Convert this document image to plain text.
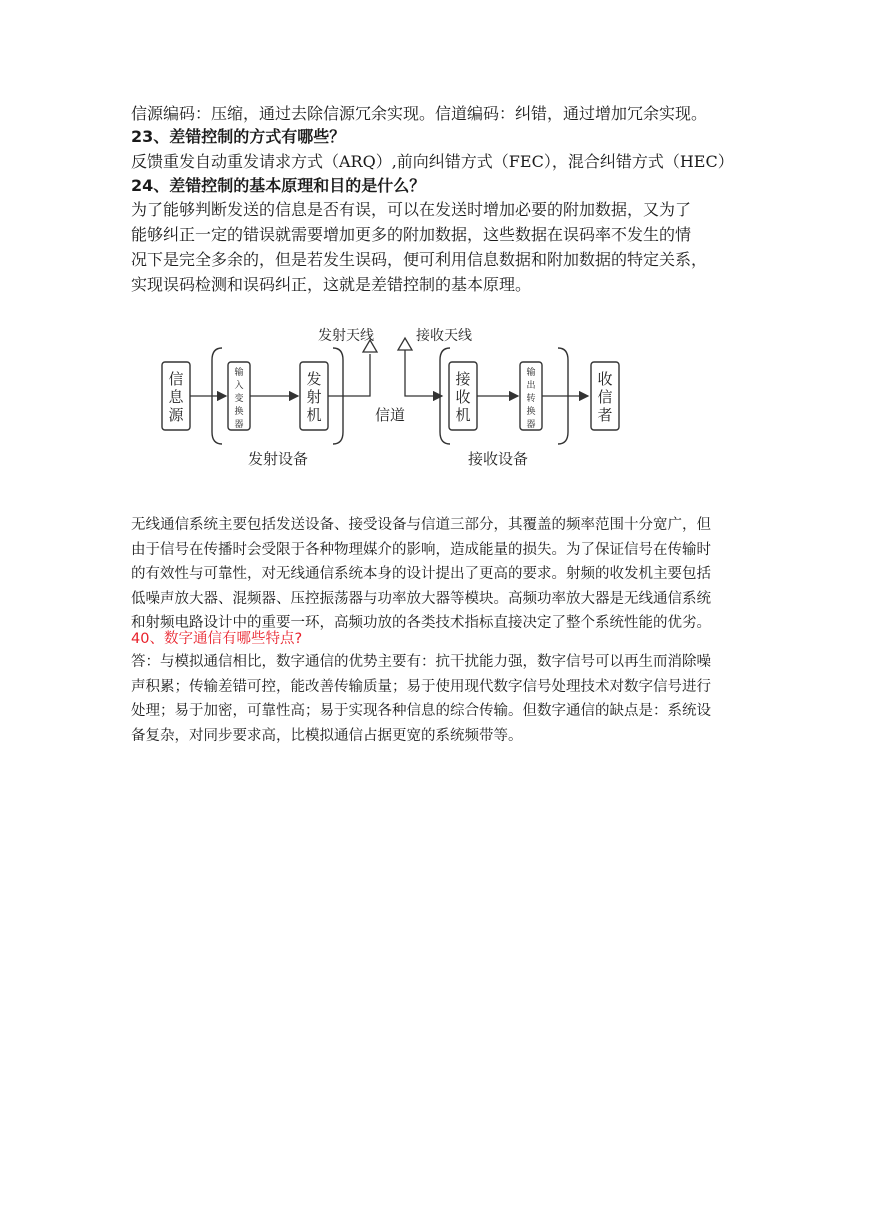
信源编码：压缩，通过去除信源冗余实现。信道编码：纠错，通过增加冗余实现。
23、差错控制的方式有哪些？
反馈重发自动重发请求方式（ARQ）,前向纠错方式（FEC），混合纠错方式（HEC）
24、差错控制的基本原理和目的是什么？
为了能够判断发送的信息是否有误，可以在发送时增加必要的附加数据，又为了
能够纠正一定的错误就需要增加更多的附加数据，这些数据在误码率不发生的情
况下是完全多余的，但是若发生误码，便可利用信息数据和附加数据的特定关系，
实现误码检测和误码纠正，这就是差错控制的基本原理。
信
息
源
输
入
变
换
器
发
射
机
发射天线
信道
接收天线
接
收
机
输
出
转
换
器
收
信
者
发射设备	接收设备
无线通信系统主要包括发送设备、接受设备与信道三部分，其覆盖的频率范围十分宽广，但
由于信号在传播时会受限于各种物理媒介的影响，造成能量的损失。为了保证信号在传输时
的有效性与可靠性，对无线通信系统本身的设计提出了更高的要求。射频的收发机主要包括
低噪声放大器、混频器、压控振荡器与功率放大器等模块。高频功率放大器是无线通信系统
和射频电路设计中的重要一环，高频功放的各类技术指标直接决定了整个系统性能的优劣。
40、数字通信有哪些特点?
答：与模拟通信相比，数字通信的优势主要有：抗干扰能力强，数字信号可以再生而消除噪
声积累；传输差错可控，能改善传输质量；易于使用现代数字信号处理技术对数字信号进行
处理；易于加密，可靠性高；易于实现各种信息的综合传输。但数字通信的缺点是：系统设
备复杂，对同步要求高，比模拟通信占据更宽的系统频带等。
